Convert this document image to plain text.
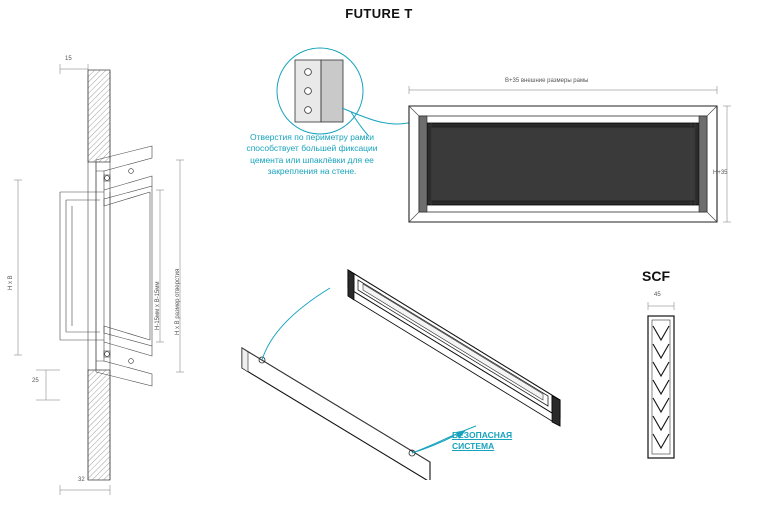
FUTURE T
15
32
25
H x B	H-15мм x B-15мм H x B размер отверстия
Отверстия по периметру рамки способствует большей фиксации цемента или шпаклёвки для ее закрепления на стене.
B+35 внешние размеры рамы
H+35
БЕЗОПАСНАЯ
СИСТЕМА
SCF
45
